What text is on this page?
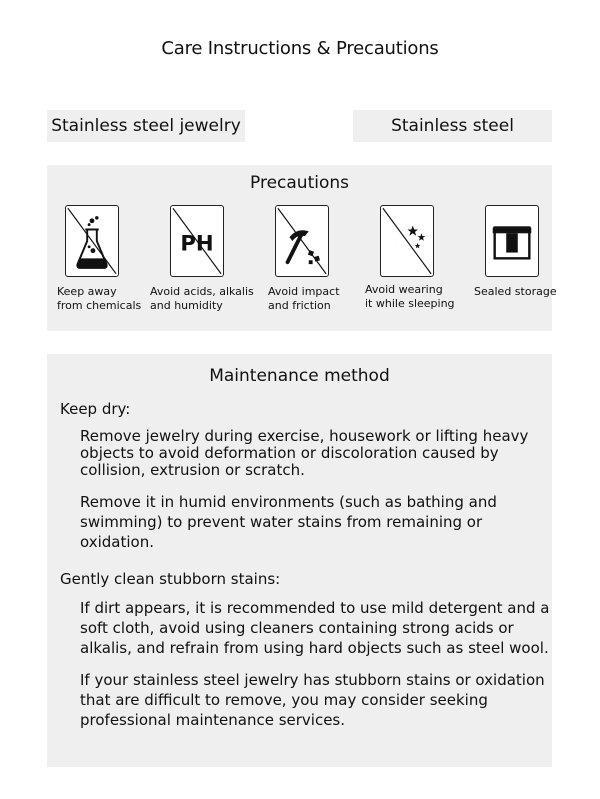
Care Instructions & Precautions
Stainless steel jewelry	Stainless steel
Precautions
Keep away
from chemicals
PH
Avoid acids, alkalis
and humidity
Avoid impact
and friction
Avoid wearing
it while sleeping
Sealed storage
Maintenance method
Keep dry:
Remove jewelry during exercise, housework or lifting heavy objects to avoid deformation or discoloration caused by collision, extrusion or scratch.
Remove it in humid environments (such as bathing and swimming) to prevent water stains from remaining or oxidation.
Gently clean stubborn stains:
If dirt appears, it is recommended to use mild detergent and a soft cloth, avoid using cleaners containing strong acids or alkalis, and refrain from using hard objects such as steel wool.
If your stainless steel jewelry has stubborn stains or oxidation that are difficult to remove, you may consider seeking professional maintenance services.
